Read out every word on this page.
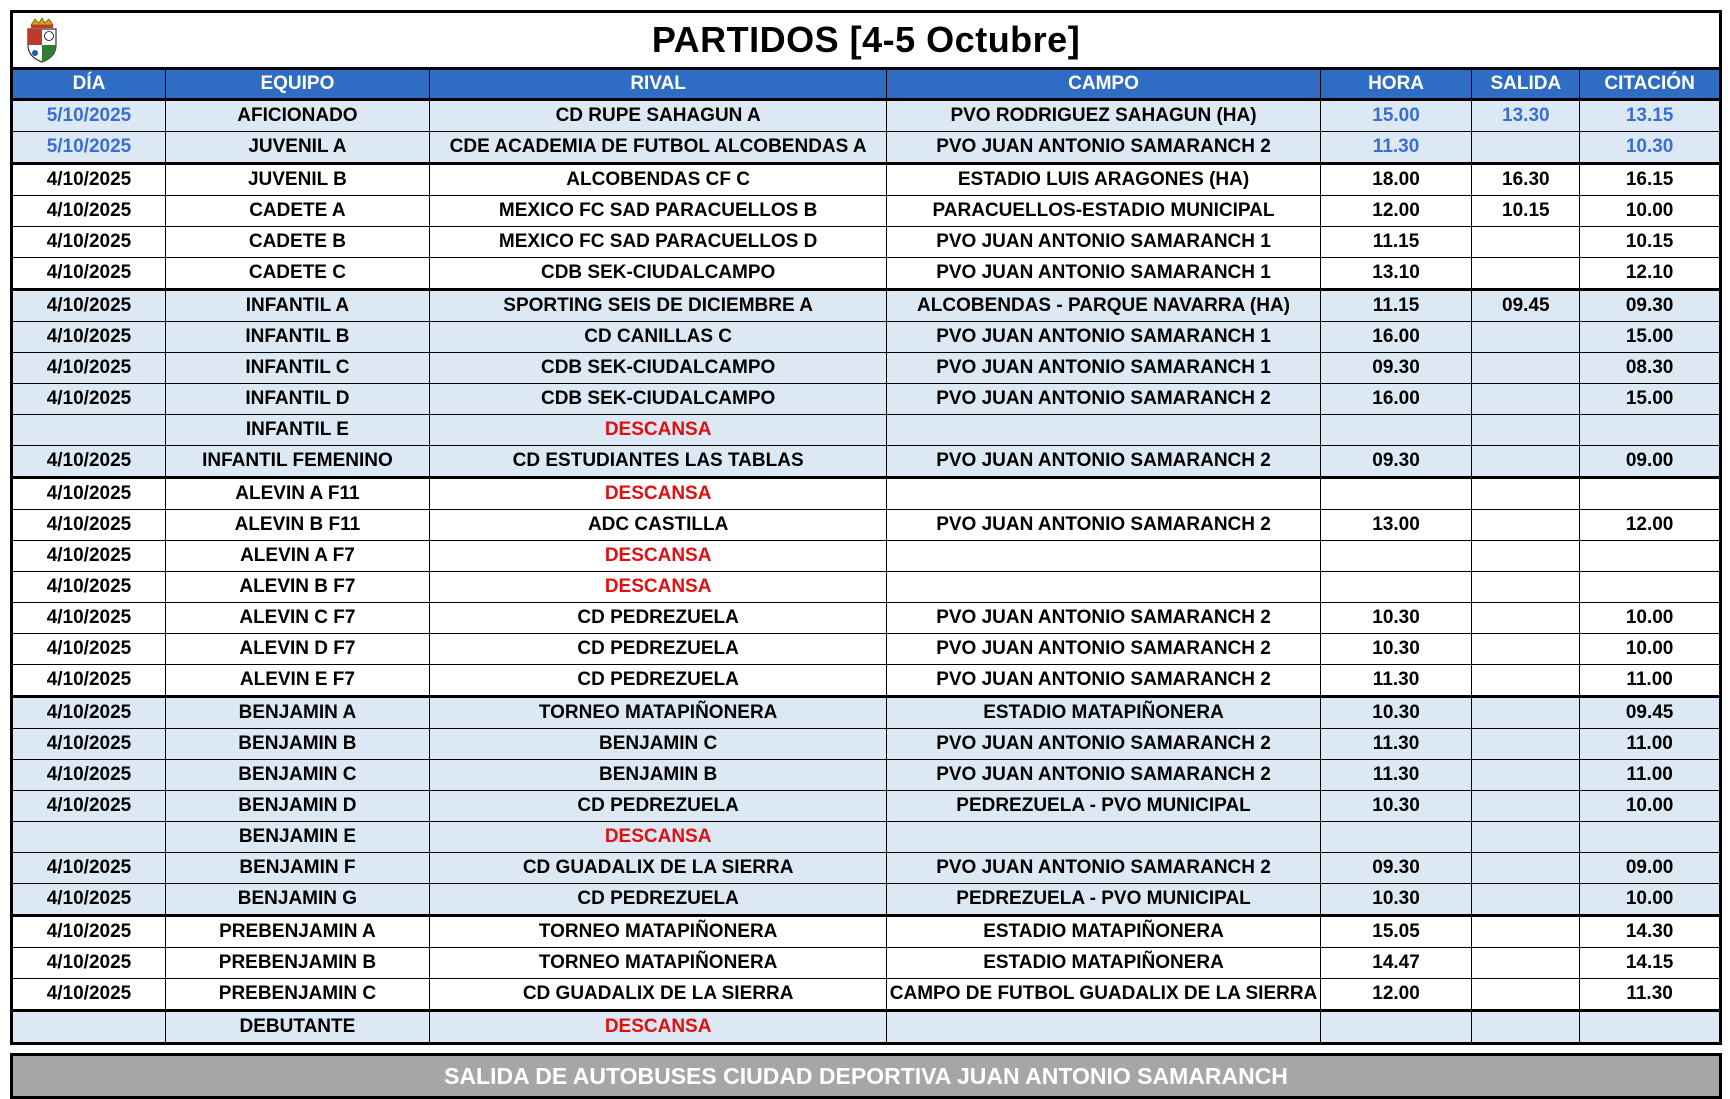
PARTIDOS [4-5 Octubre]
DÍA	EQUIPO	RIVAL	CAMPO	HORA	SALIDA	CITACIÓN
5/10/2025	AFICIONADO	CD RUPE SAHAGUN A	PVO RODRIGUEZ SAHAGUN (HA)	15.00	13.30	13.15
5/10/2025	JUVENIL A	CDE ACADEMIA DE FUTBOL ALCOBENDAS A	PVO JUAN ANTONIO SAMARANCH 2	11.30		10.30
4/10/2025	JUVENIL B	ALCOBENDAS CF C	ESTADIO LUIS ARAGONES (HA)	18.00	16.30	16.15
4/10/2025	CADETE A	MEXICO FC SAD PARACUELLOS B	PARACUELLOS-ESTADIO MUNICIPAL	12.00	10.15	10.00
4/10/2025	CADETE B	MEXICO FC SAD PARACUELLOS D	PVO JUAN ANTONIO SAMARANCH 1	11.15		10.15
4/10/2025	CADETE C	CDB SEK-CIUDALCAMPO	PVO JUAN ANTONIO SAMARANCH 1	13.10		12.10
4/10/2025	INFANTIL A	SPORTING SEIS DE DICIEMBRE A	ALCOBENDAS - PARQUE NAVARRA (HA)	11.15	09.45	09.30
4/10/2025	INFANTIL B	CD CANILLAS C	PVO JUAN ANTONIO SAMARANCH 1	16.00		15.00
4/10/2025	INFANTIL C	CDB SEK-CIUDALCAMPO	PVO JUAN ANTONIO SAMARANCH 1	09.30		08.30
4/10/2025	INFANTIL D	CDB SEK-CIUDALCAMPO	PVO JUAN ANTONIO SAMARANCH 2	16.00		15.00
	INFANTIL E	DESCANSA				
4/10/2025	INFANTIL FEMENINO	CD ESTUDIANTES LAS TABLAS	PVO JUAN ANTONIO SAMARANCH 2	09.30		09.00
4/10/2025	ALEVIN A F11	DESCANSA				
4/10/2025	ALEVIN B F11	ADC CASTILLA	PVO JUAN ANTONIO SAMARANCH 2	13.00		12.00
4/10/2025	ALEVIN A F7	DESCANSA				
4/10/2025	ALEVIN B F7	DESCANSA				
4/10/2025	ALEVIN C F7	CD PEDREZUELA	PVO JUAN ANTONIO SAMARANCH 2	10.30		10.00
4/10/2025	ALEVIN D F7	CD PEDREZUELA	PVO JUAN ANTONIO SAMARANCH 2	10.30		10.00
4/10/2025	ALEVIN E F7	CD PEDREZUELA	PVO JUAN ANTONIO SAMARANCH 2	11.30		11.00
4/10/2025	BENJAMIN A	TORNEO MATAPIÑONERA	ESTADIO MATAPIÑONERA	10.30		09.45
4/10/2025	BENJAMIN B	BENJAMIN C	PVO JUAN ANTONIO SAMARANCH 2	11.30		11.00
4/10/2025	BENJAMIN C	BENJAMIN B	PVO JUAN ANTONIO SAMARANCH 2	11.30		11.00
4/10/2025	BENJAMIN D	CD PEDREZUELA	PEDREZUELA - PVO MUNICIPAL	10.30		10.00
	BENJAMIN E	DESCANSA				
4/10/2025	BENJAMIN F	CD GUADALIX DE LA SIERRA	PVO JUAN ANTONIO SAMARANCH 2	09.30		09.00
4/10/2025	BENJAMIN G	CD PEDREZUELA	PEDREZUELA - PVO MUNICIPAL	10.30		10.00
4/10/2025	PREBENJAMIN A	TORNEO MATAPIÑONERA	ESTADIO MATAPIÑONERA	15.05		14.30
4/10/2025	PREBENJAMIN B	TORNEO MATAPIÑONERA	ESTADIO MATAPIÑONERA	14.47		14.15
4/10/2025	PREBENJAMIN C	CD GUADALIX DE LA SIERRA	CAMPO DE FUTBOL GUADALIX DE LA SIERRA	12.00		11.30
	DEBUTANTE	DESCANSA				
SALIDA DE AUTOBUSES CIUDAD DEPORTIVA JUAN ANTONIO SAMARANCH
